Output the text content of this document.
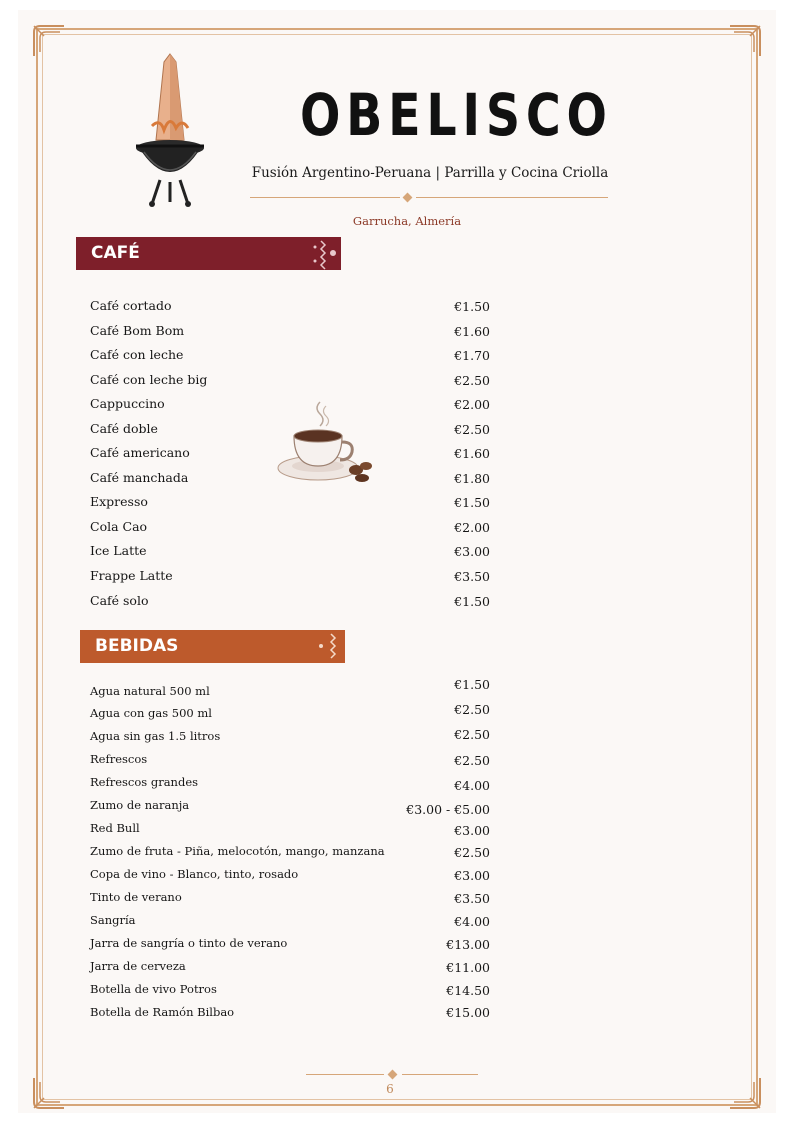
OBELISCO
Fusión Argentino-Peruana | Parrilla y Cocina Criolla
Garrucha, Almería
CAFÉ
Café cortado	€1.50
Café Bom Bom	€1.60
Café con leche	€1.70
Café con leche big	€2.50
Cappuccino	€2.00
Café doble	€2.50
Café americano	€1.60
Café manchada	€1.80
Expresso	€1.50
Cola Cao	€2.00
Ice Latte	€3.00
Frappe Latte	€3.50
Café solo	€1.50
BEBIDAS
Agua natural 500 ml	€1.50
Agua con gas 500 ml	€2.50
Agua sin gas 1.5 litros	€2.50
Refrescos	€2.50
Refrescos grandes	€4.00
Zumo de naranja	€3.00 - €5.00
Red Bull	€3.00
Zumo de fruta - Piña, melocotón, mango, manzana	€2.50
Copa de vino - Blanco, tinto, rosado	€3.00
Tinto de verano	€3.50
Sangría	€4.00
Jarra de sangría o tinto de verano	€13.00
Jarra de cerveza	€11.00
Botella de vivo Potros	€14.50
Botella de Ramón Bilbao	€15.00
6
